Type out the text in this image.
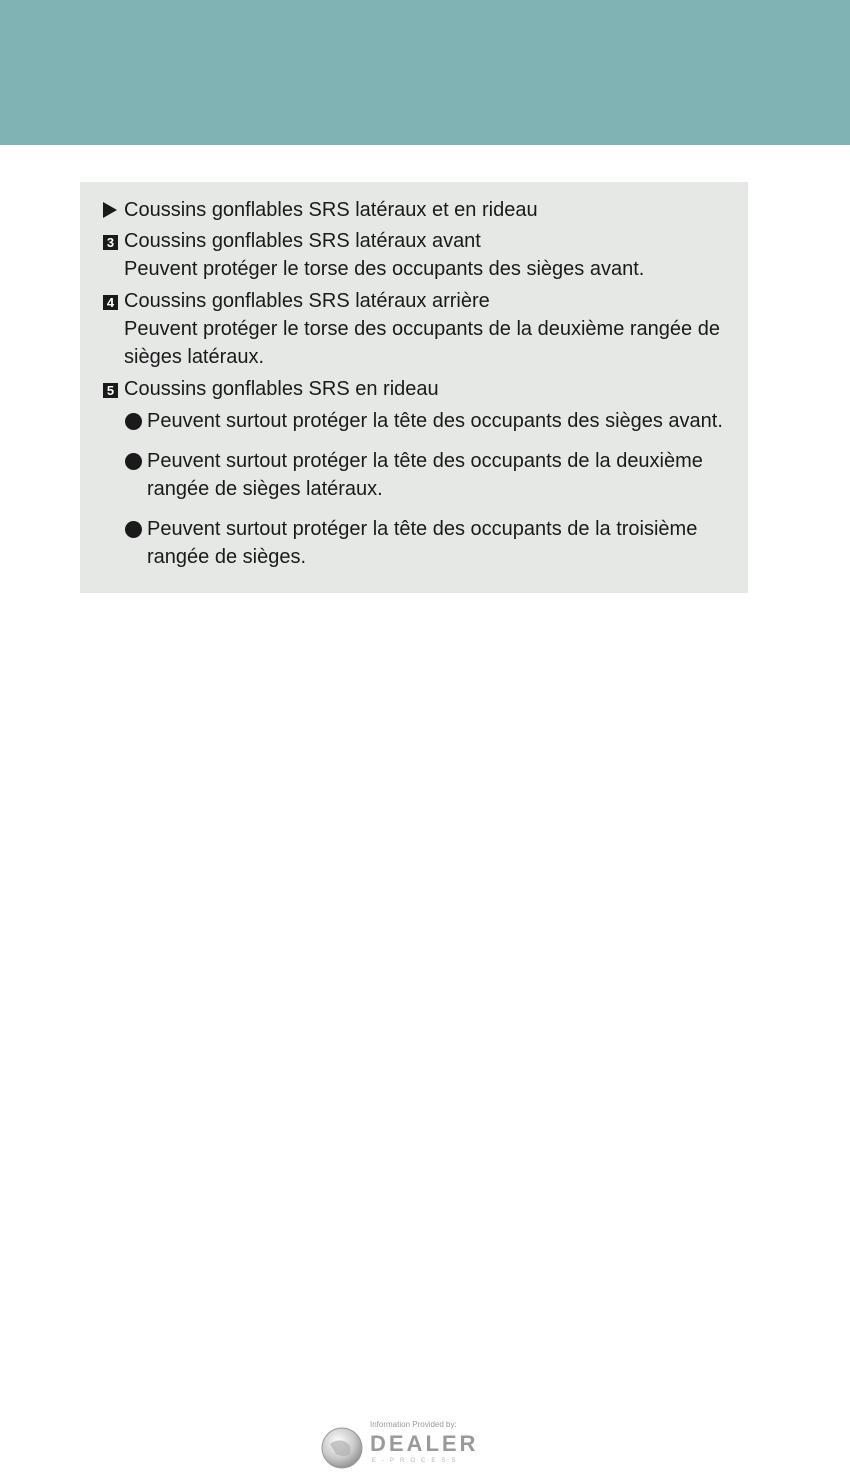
Coussins gonflables SRS latéraux et en rideau
3 Coussins gonflables SRS latéraux avant
Peuvent protéger le torse des occupants des sièges avant.
4 Coussins gonflables SRS latéraux arrière
Peuvent protéger le torse des occupants de la deuxième rangée de
sièges latéraux.
5 Coussins gonflables SRS en rideau
Peuvent surtout protéger la tête des occupants des sièges avant.
Peuvent surtout protéger la tête des occupants de la deuxième
rangée de sièges latéraux.
Peuvent surtout protéger la tête des occupants de la troisième
rangée de sièges.
Information Provided by:
DEALER
E-PROCESS
